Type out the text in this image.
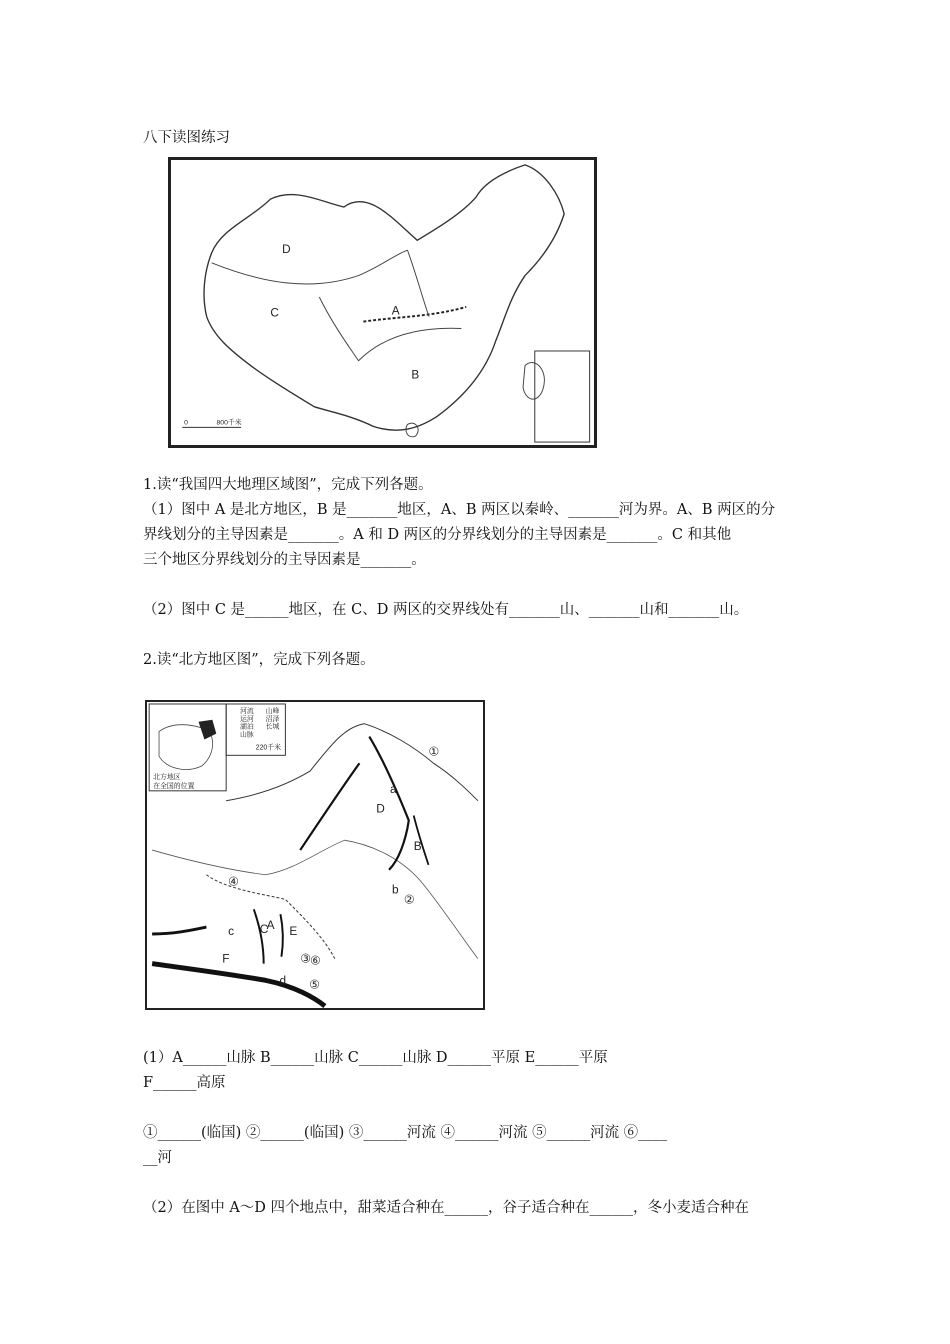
八下读图练习
D
C	A
B
0	800千米
1.读“我国四大地理区域图”，完成下列各题。
（1）图中 A 是北方地区，B 是_______地区，A、B 两区以秦岭、_______河为界。A、B 两区的分
界线划分的主导因素是_______。A 和 D 两区的分界线划分的主导因素是_______。C 和其他
三个地区分界线划分的主导因素是_______。
（2）图中 C 是______地区，在 C、D 两区的交界线处有_______山、_______山和_______山。
2.读“北方地区图”，完成下列各题。
北方地区
在全国的位置
河流
运河
湖泊
山脉
山峰
沼泽
长城
220千米	①
②
③
④
⑤
⑥
A
B
C
D
E
F
a
b
c
d
(1）A______山脉 B______山脉 C______山脉 D______平原 E______平原
F______高原
①______(临国) ②______(临国) ③______河流 ④______河流 ⑤______河流 ⑥____
__河
（2）在图中 A～D 四个地点中，甜菜适合种在______，谷子适合种在______，冬小麦适合种在
